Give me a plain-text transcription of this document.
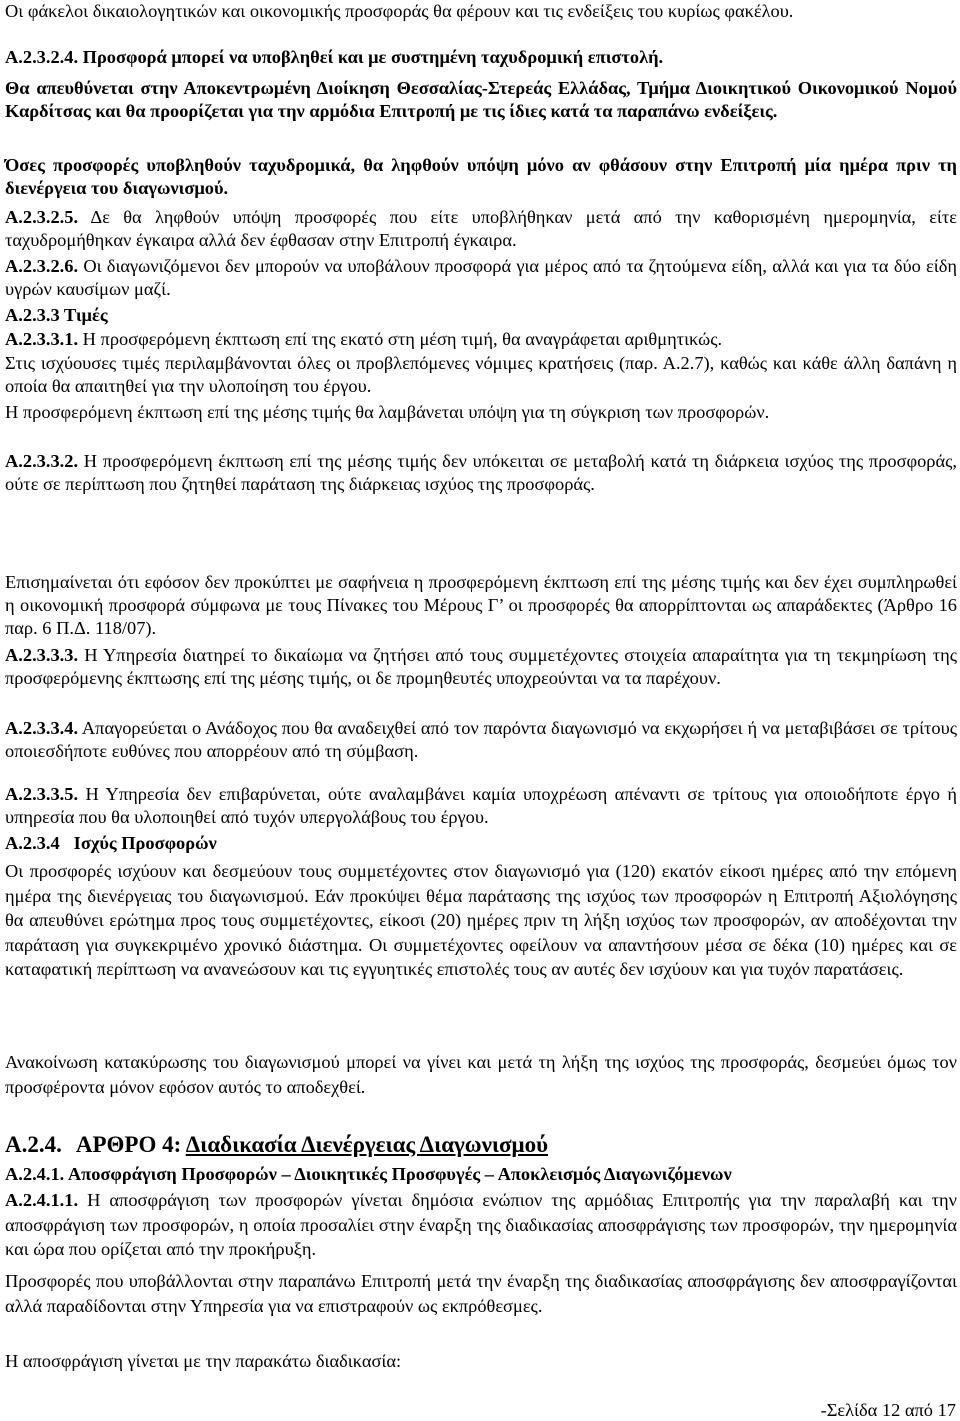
Οι φάκελοι δικαιολογητικών και οικονομικής προσφοράς θα φέρουν και τις ενδείξεις του κυρίως φακέλου.

Α.2.3.2.4. Προσφορά μπορεί να υποβληθεί και με συστημένη ταχυδρομική επιστολή.

Θα απευθύνεται στην Αποκεντρωμένη Διοίκηση Θεσσαλίας-Στερεάς Ελλάδας, Τμήμα Διοικητικού Οικονομικού Νομού Καρδίτσας και θα προορίζεται για την αρμόδια Επιτροπή με τις ίδιες κατά τα παραπάνω ενδείξεις.

Όσες προσφορές υποβληθούν ταχυδρομικά, θα ληφθούν υπόψη μόνο αν φθάσουν στην Επιτροπή μία ημέρα πριν τη διενέργεια του διαγωνισμού.

Α.2.3.2.5. Δε θα ληφθούν υπόψη προσφορές που είτε υποβλήθηκαν μετά από την καθορισμένη ημερομηνία, είτε ταχυδρομήθηκαν έγκαιρα αλλά δεν έφθασαν στην Επιτροπή έγκαιρα.

Α.2.3.2.6. Οι διαγωνιζόμενοι δεν μπορούν να υποβάλουν προσφορά για μέρος από τα ζητούμενα είδη, αλλά και για τα δύο είδη υγρών καυσίμων μαζί.

Α.2.3.3 Τιμές

Α.2.3.3.1. Η προσφερόμενη έκπτωση επί της εκατό στη μέση τιμή, θα αναγράφεται αριθμητικώς.

Στις ισχύουσες τιμές περιλαμβάνονται όλες οι προβλεπόμενες νόμιμες κρατήσεις (παρ. Α.2.7), καθώς και κάθε άλλη δαπάνη η οποία θα απαιτηθεί για την υλοποίηση του έργου.

Η προσφερόμενη έκπτωση επί της μέσης τιμής θα λαμβάνεται υπόψη για τη σύγκριση των προσφορών.

Α.2.3.3.2. Η προσφερόμενη έκπτωση επί της μέσης τιμής δεν υπόκειται σε μεταβολή κατά τη διάρκεια ισχύος της προσφοράς, ούτε σε περίπτωση που ζητηθεί παράταση της διάρκειας ισχύος της προσφοράς.

Επισημαίνεται ότι εφόσον δεν προκύπτει με σαφήνεια η προσφερόμενη έκπτωση επί της μέσης τιμής και δεν έχει συμπληρωθεί η οικονομική προσφορά σύμφωνα με τους Πίνακες του Μέρους Γ’ οι προσφορές θα απορρίπτονται ως απαράδεκτες (Άρθρο 16 παρ. 6 Π.Δ. 118/07).

Α.2.3.3.3. Η Υπηρεσία διατηρεί το δικαίωμα να ζητήσει από τους συμμετέχοντες στοιχεία απαραίτητα για τη τεκμηρίωση της προσφερόμενης έκπτωσης επί της μέσης τιμής, οι δε προμηθευτές υποχρεούνται να τα παρέχουν.

Α.2.3.3.4. Απαγορεύεται ο Ανάδοχος που θα αναδειχθεί από τον παρόντα διαγωνισμό να εκχωρήσει ή να μεταβιβάσει σε τρίτους οποιεσδήποτε ευθύνες που απορρέουν από τη σύμβαση.

Α.2.3.3.5. Η Υπηρεσία δεν επιβαρύνεται, ούτε αναλαμβάνει καμία υποχρέωση απέναντι σε τρίτους για οποιοδήποτε έργο ή υπηρεσία που θα υλοποιηθεί από τυχόν υπεργολάβους του έργου.

Α.2.3.4 Ισχύς Προσφορών

Οι προσφορές ισχύουν και δεσμεύουν τους συμμετέχοντες στον διαγωνισμό για (120) εκατόν είκοσι ημέρες από την επόμενη ημέρα της διενέργειας του διαγωνισμού. Εάν προκύψει θέμα παράτασης της ισχύος των προσφορών η Επιτροπή Αξιολόγησης θα απευθύνει ερώτημα προς τους συμμετέχοντες, είκοσι (20) ημέρες πριν τη λήξη ισχύος των προσφορών, αν αποδέχονται την παράταση για συγκεκριμένο χρονικό διάστημα. Οι συμμετέχοντες οφείλουν να απαντήσουν μέσα σε δέκα (10) ημέρες και σε καταφατική περίπτωση να ανανεώσουν και τις εγγυητικές επιστολές τους αν αυτές δεν ισχύουν και για τυχόν παρατάσεις.

Ανακοίνωση κατακύρωσης του διαγωνισμού μπορεί να γίνει και μετά τη λήξη της ισχύος της προσφοράς, δεσμεύει όμως τον προσφέροντα μόνον εφόσον αυτός το αποδεχθεί.

Α.2.4. ΑΡΘΡΟ 4: Διαδικασία Διενέργειας Διαγωνισμού

Α.2.4.1. Αποσφράγιση Προσφορών – Διοικητικές Προσφυγές – Αποκλεισμός Διαγωνιζόμενων

Α.2.4.1.1. Η αποσφράγιση των προσφορών γίνεται δημόσια ενώπιον της αρμόδιας Επιτροπής για την παραλαβή και την αποσφράγιση των προσφορών, η οποία προσαλίει στην έναρξη της διαδικασίας αποσφράγισης των προσφορών, την ημερομηνία και ώρα που ορίζεται από την προκήρυξη.

Προσφορές που υποβάλλονται στην παραπάνω Επιτροπή μετά την έναρξη της διαδικασίας αποσφράγισης δεν αποσφραγίζονται αλλά παραδίδονται στην Υπηρεσία για να επιστραφούν ως εκπρόθεσμες.

Η αποσφράγιση γίνεται με την παρακάτω διαδικασία:

-Σελίδα 12 από 17
